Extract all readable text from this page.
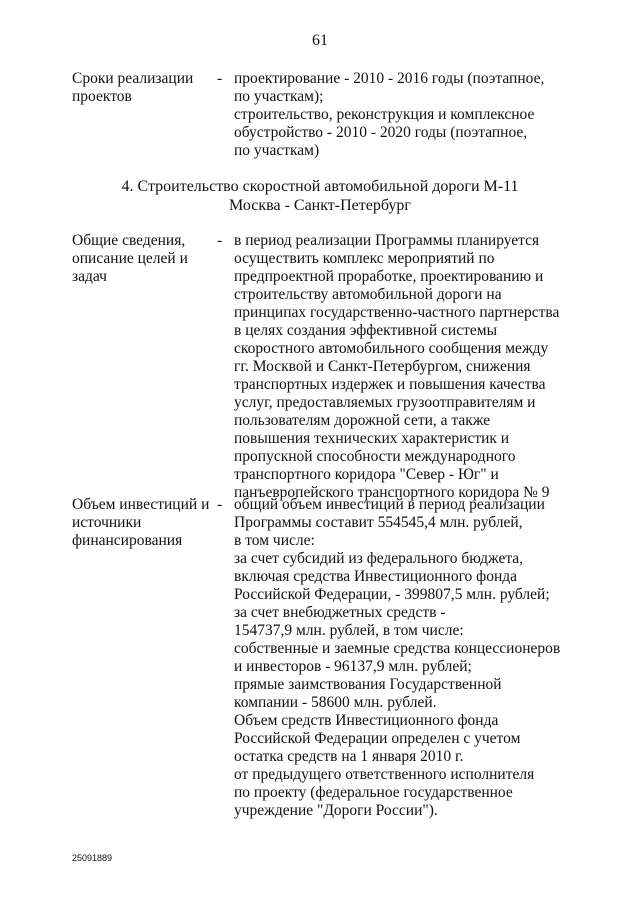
61
Сроки реализации
проектов
- проектирование - 2010 - 2016 годы (поэтапное,
по участкам);
строительство, реконструкция и комплексное
обустройство - 2010 - 2020 годы (поэтапное,
по участкам)
4. Строительство скоростной автомобильной дороги М-11
Москва - Санкт-Петербург
Общие сведения,
описание целей и
задач
- в период реализации Программы планируется
осуществить комплекс мероприятий по
предпроектной проработке, проектированию и
строительству автомобильной дороги на
принципах государственно-частного партнерства
в целях создания эффективной системы
скоростного автомобильного сообщения между
гг. Москвой и Санкт-Петербургом, снижения
транспортных издержек и повышения качества
услуг, предоставляемых грузоотправителям и
пользователям дорожной сети, а также
повышения технических характеристик и
пропускной способности международного
транспортного коридора "Север - Юг" и
панъевропейского транспортного коридора № 9
Объем инвестиций и
источники
финансирования
- общий объем инвестиций в период реализации
Программы составит 554545,4 млн. рублей,
в том числе:
за счет субсидий из федерального бюджета,
включая средства Инвестиционного фонда
Российской Федерации, - 399807,5 млн. рублей;
за счет внебюджетных средств -
154737,9 млн. рублей, в том числе:
собственные и заемные средства концессионеров
и инвесторов - 96137,9 млн. рублей;
прямые заимствования Государственной
компании - 58600 млн. рублей.
Объем средств Инвестиционного фонда
Российской Федерации определен с учетом
остатка средств на 1 января 2010 г.
от предыдущего ответственного исполнителя
по проекту (федеральное государственное
учреждение "Дороги России").
25091889
